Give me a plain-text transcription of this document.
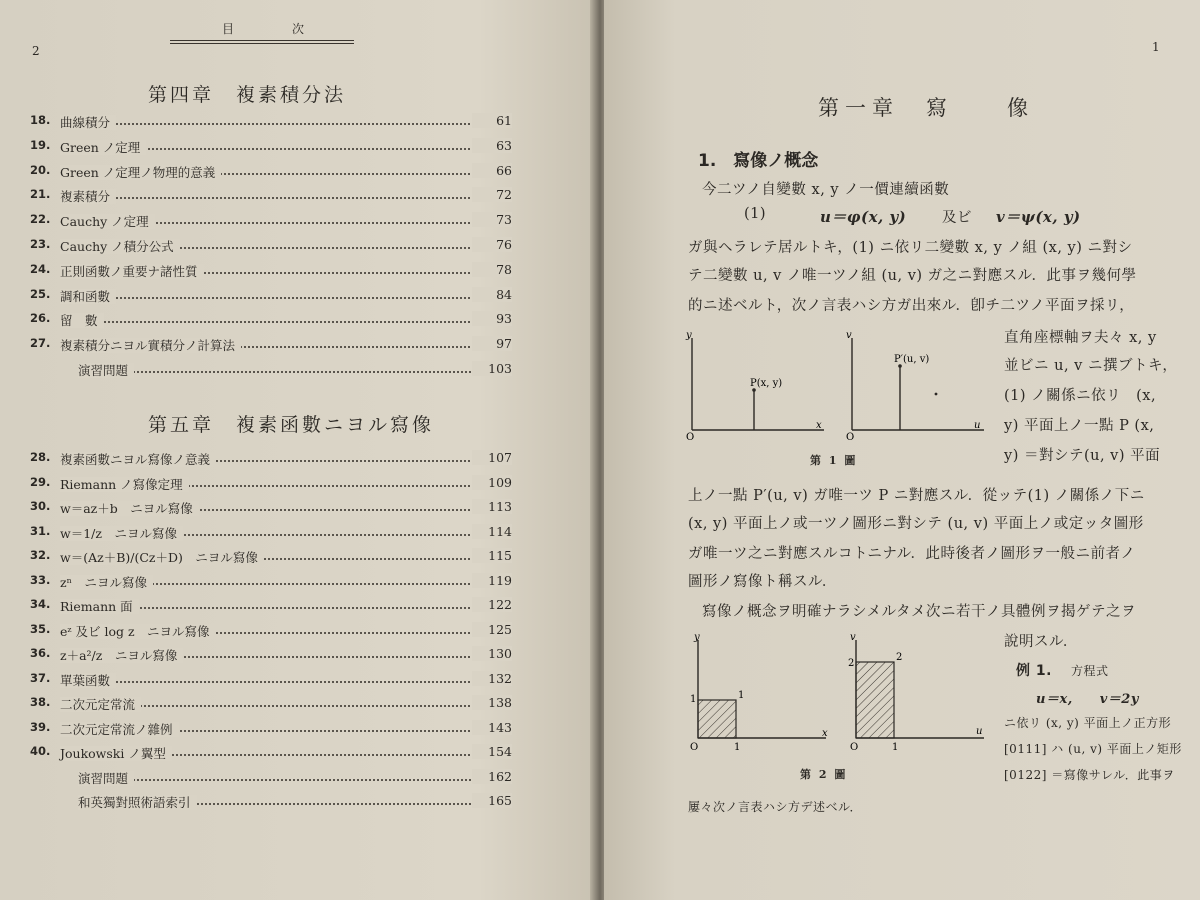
2
目	次
第四章　複素積分法
18. 曲線積分	61
19. Green ノ定理	63
20. Green ノ定理ノ物理的意義	66
21. 複素積分	72
22. Cauchy ノ定理	73
23. Cauchy ノ積分公式	76
24. 正則函數ノ重要ナ諸性質	78
25. 調和函數	84
26. 留　數	93
27. 複素積分ニヨル實積分ノ計算法	97
演習問題	103
第五章　複素函數ニヨル寫像
28. 複素函數ニヨル寫像ノ意義	107
29. Riemann ノ寫像定理	109
30. w＝az＋b　ニヨル寫像	113
31. w＝1/z　ニヨル寫像	114
32. w＝(Az＋B)/(Cz＋D)　ニヨル寫像	115
33. zⁿ　ニヨル寫像	119
34. Riemann 面	122
35. eᶻ 及ビ log z　ニヨル寫像	125
36. z＋a²/z　ニヨル寫像	130
37. 單葉函數	132
38. 二次元定常流	138
39. 二次元定常流ノ雜例	143
40. Joukowski ノ翼型	154
演習問題	162
和英獨對照術語索引	165
1
第一章　寫　　像
1.　寫像ノ概念
今二ツノ自變數 x, y ノ一價連續函數
(1)	u＝φ(x, y) 及ビ v＝ψ(x, y)
ガ與ヘラレテ居ルトキ，(1) ニ依リ二變數 x, y ノ組 (x, y) ニ對シ
テ二變數 u, v ノ唯一ツノ組 (u, v) ガ之ニ對應スル．此事ヲ幾何學
的ニ述ベルト，次ノ言表ハシ方ガ出來ル．卽チ二ツノ平面ヲ採リ，
直角座標軸ヲ夫々 x, y
並ビニ u, v ニ撰ブトキ，
(1) ノ關係ニ依リ　(x,
y) 平面上ノ一點 P (x,
y) ＝對シテ(u, v) 平面
y
x
O
P(x, y)
v
u
O
P′(u, v)
第 1 圖
上ノ一點 P′(u, v) ガ唯一ツ P ニ對應スル．從ッテ(1) ノ關係ノ下ニ
(x, y) 平面上ノ或一ツノ圖形ニ對シテ (u, v) 平面上ノ或定ッタ圖形
ガ唯一ツ之ニ對應スルコトニナル．此時後者ノ圖形ヲ一般ニ前者ノ
圖形ノ寫像ト稱スル．
寫像ノ概念ヲ明確ナラシメルタメ次ニ若干ノ具體例ヲ揭ゲテ之ヲ
說明スル．
例 1. 方程式
u＝x,　　v＝2y
ニ依リ (x, y) 平面上ノ正方形
[0111] ハ (u, v) 平面上ノ矩形
[0122] ＝寫像サレル．此事ヲ
y
x
O
1
1
1
v
u
O
2
2
1
第 2 圖
屢々次ノ言表ハシ方デ述ベル．
